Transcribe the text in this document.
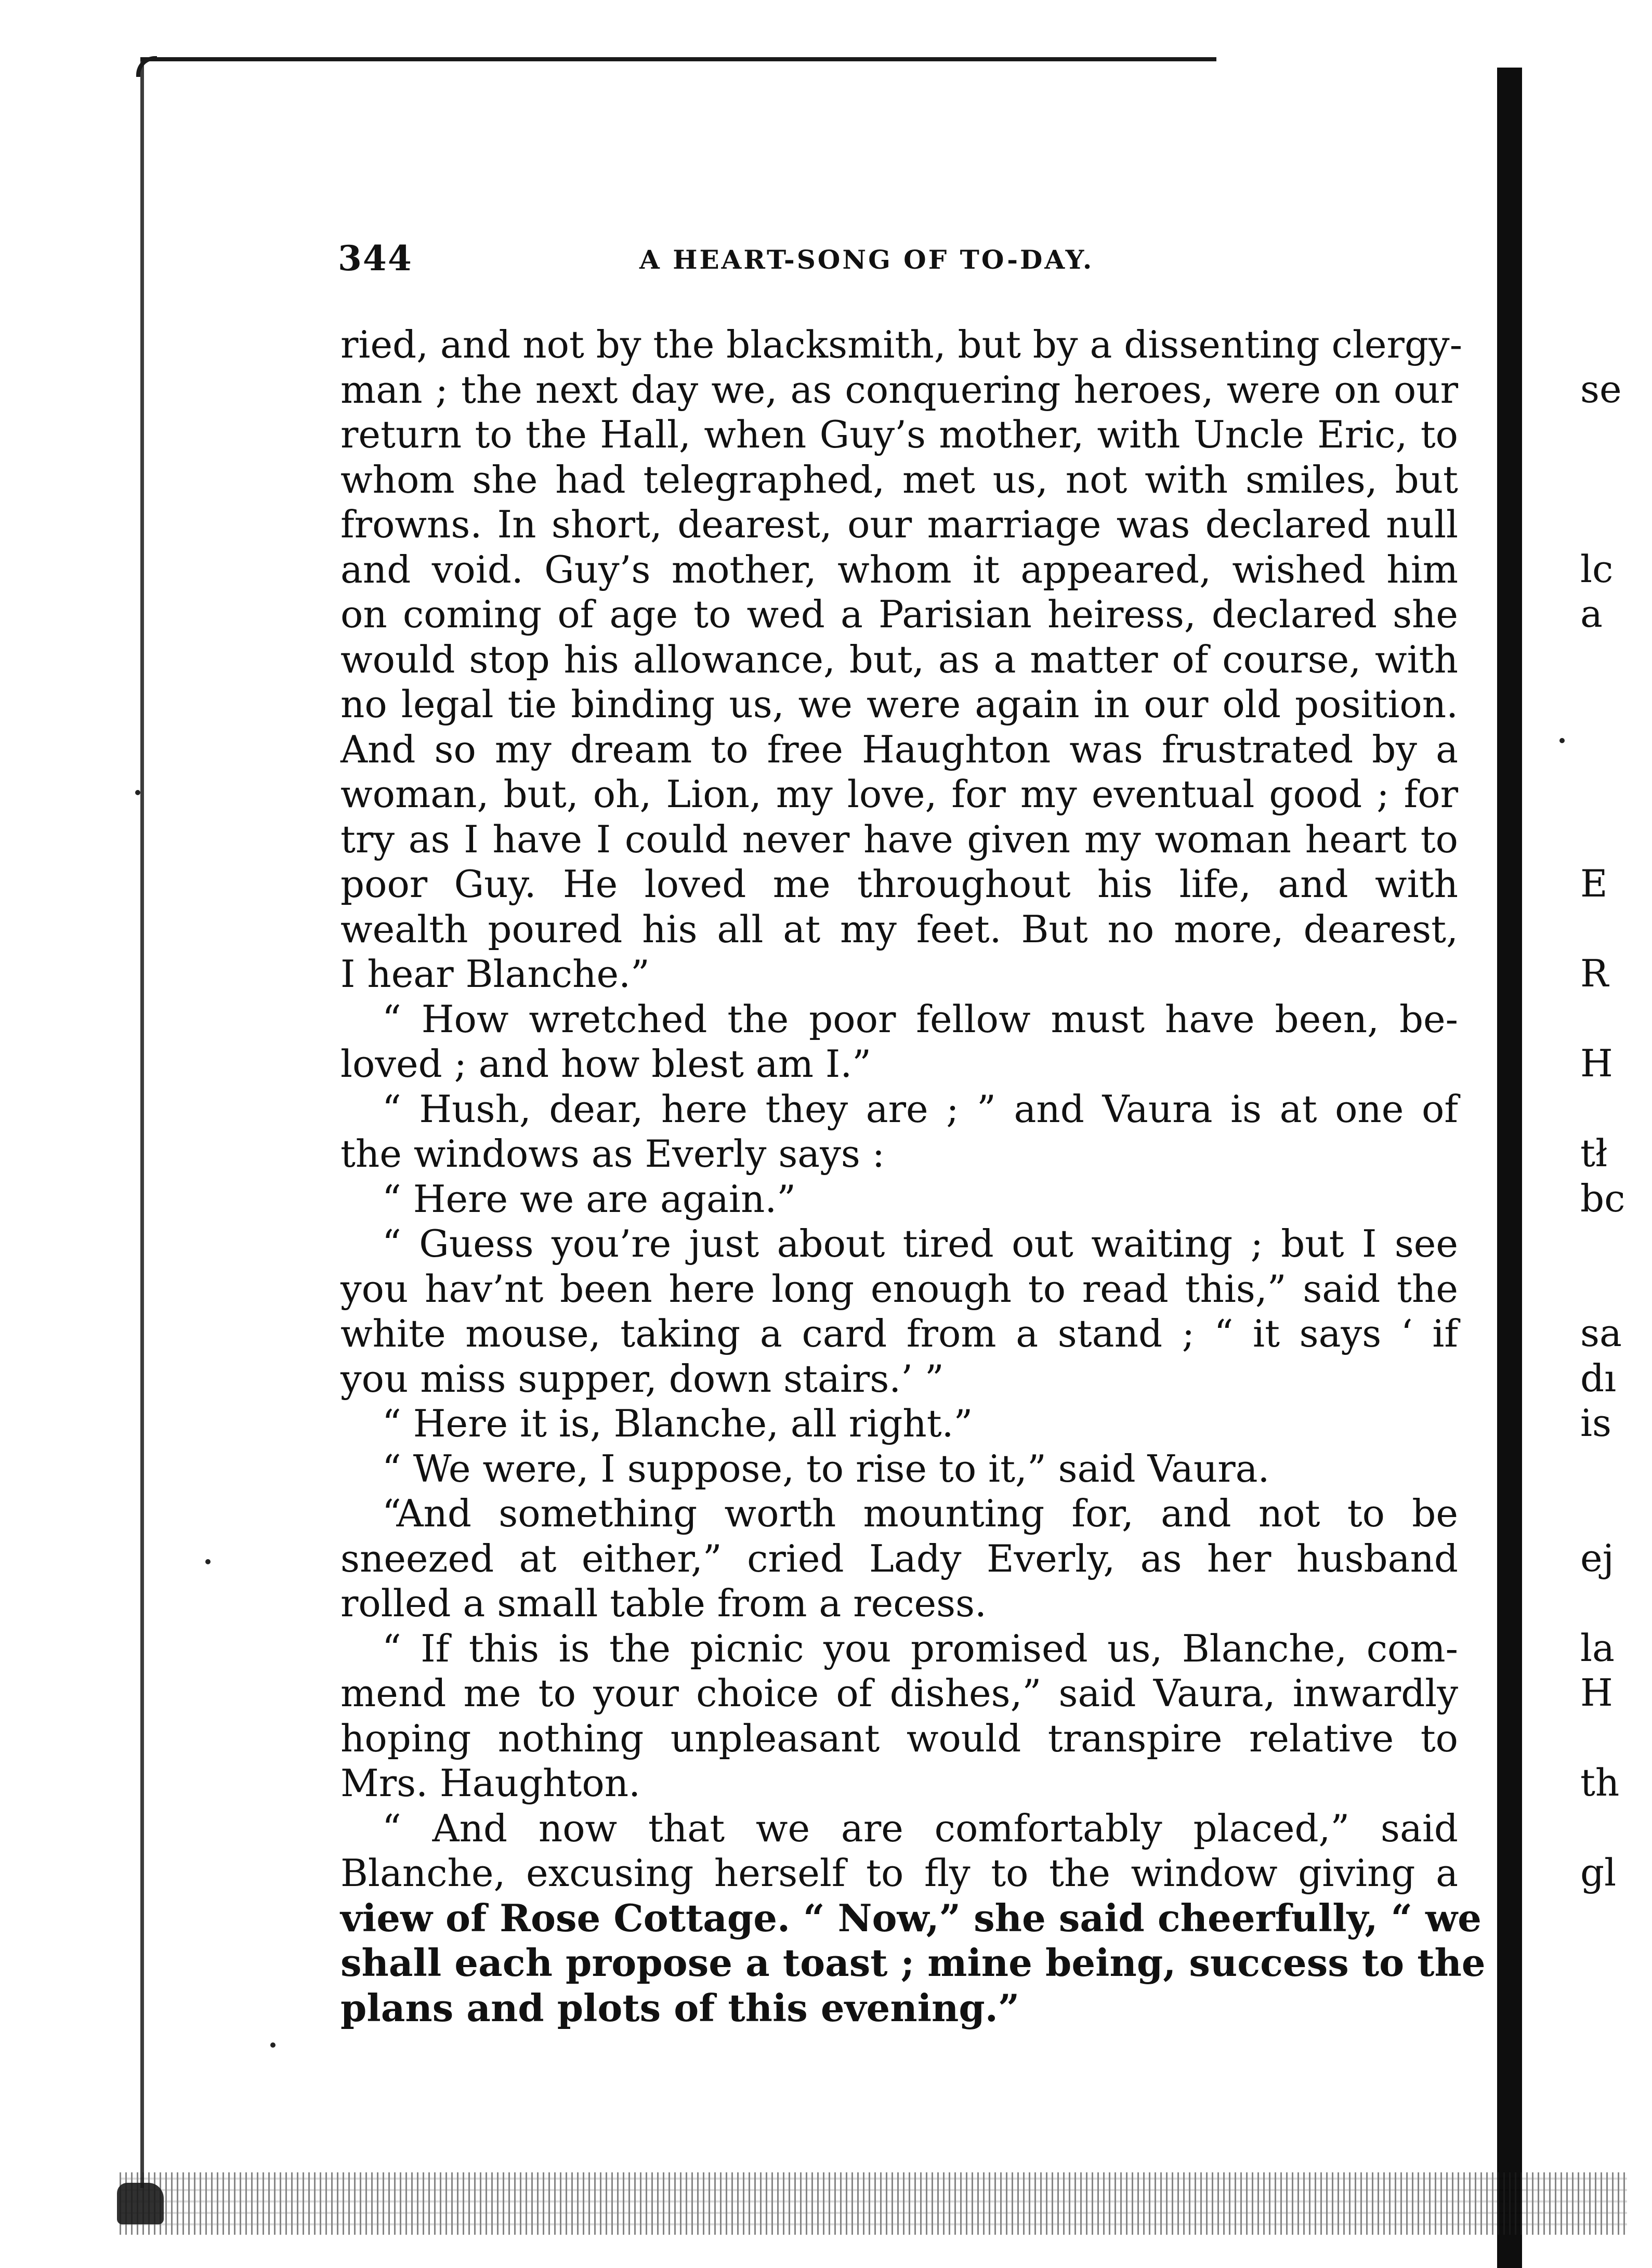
344	A HEART-SONG OF TO-DAY.
ried, and not by the blacksmith, but by a dissenting clergy-
man ; the next day we, as conquering heroes, were on our
return to the Hall, when Guy’s mother, with Uncle Eric, to
whom she had telegraphed, met us, not with smiles, but
frowns. In short, dearest, our marriage was declared null
and void. Guy’s mother, whom it appeared, wished him
on coming of age to wed a Parisian heiress, declared she
would stop his allowance, but, as a matter of course, with
no legal tie binding us, we were again in our old position.
And so my dream to free Haughton was frustrated by a
woman, but, oh, Lion, my love, for my eventual good ; for
try as I have I could never have given my woman heart to
poor Guy. He loved me throughout his life, and with
wealth poured his all at my feet. But no more, dearest,
I hear Blanche.”
“ How wretched the poor fellow must have been, be-
loved ; and how blest am I.”
“ Hush, dear, here they are ; ” and Vaura is at one of
the windows as Everly says :
“ Here we are again.”
“ Guess you’re just about tired out waiting ; but I see
you hav’nt been here long enough to read this,” said the
white mouse, taking a card from a stand ; “ it says ‘ if
you miss supper, down stairs.’ ”
“ Here it is, Blanche, all right.”
“ We were, I suppose, to rise to it,” said Vaura.
“And something worth mounting for, and not to be
sneezed at either,” cried Lady Everly, as her husband
rolled a small table from a recess.
“ If this is the picnic you promised us, Blanche, com-
mend me to your choice of dishes,” said Vaura, inwardly
hoping nothing unpleasant would transpire relative to
Mrs. Haughton.
“ And now that we are comfortably placed,” said
Blanche, excusing herself to fly to the window giving a
view of Rose Cottage. “ Now,” she said cheerfully, “ we
shall each propose a toast ; mine being, success to the
plans and plots of this evening.”
se
lc
a
E
R
H
tł
bc
sa
dı
is
ej
la
H
th
gl
